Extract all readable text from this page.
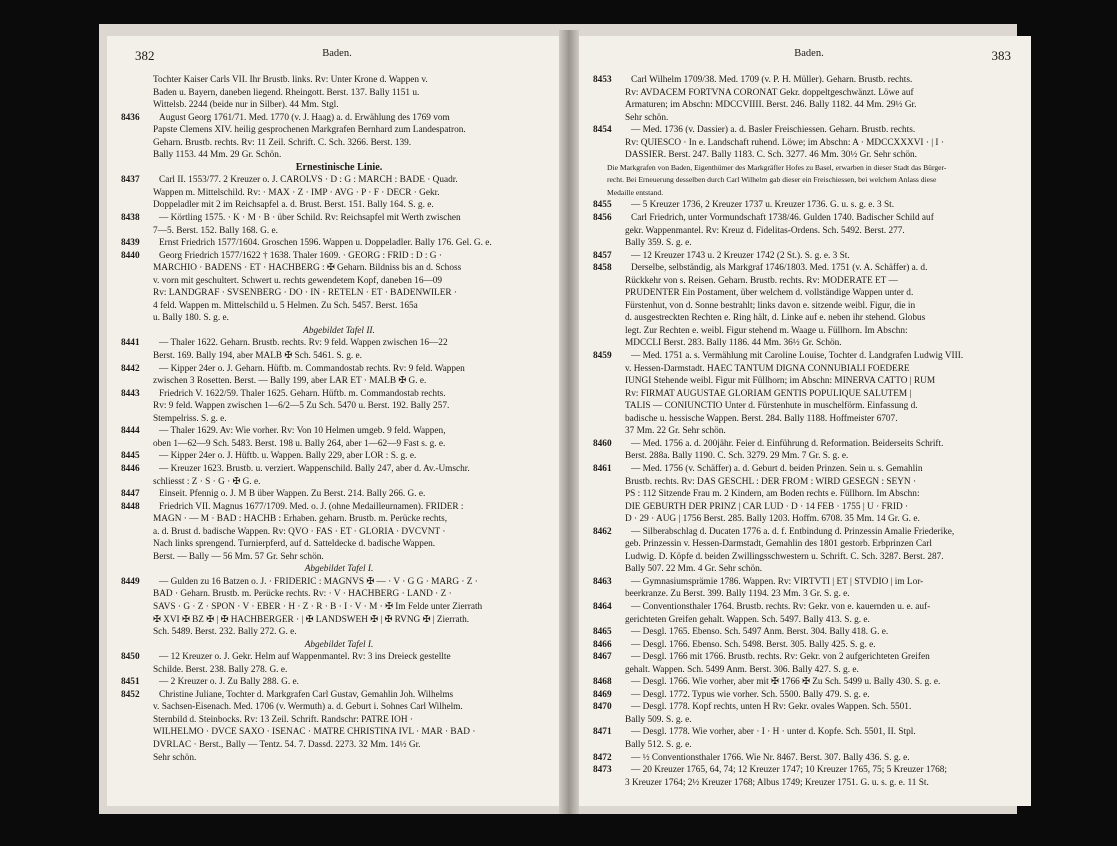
382	Baden.
Tochter Kaiser Carls VII. Ihr Brustb. links. Rv: Unter Krone d. Wappen v.
Baden u. Bayern, daneben liegend. Rheingott. Berst. 137. Bally 1151 u.
Wittelsb. 2244 (beide nur in Silber). 44 Mm. Stgl.
8436 August Georg 1761/71. Med. 1770 (v. J. Haag) a. d. Erwählung des 1769 vom
Papste Clemens XIV. heilig gesprochenen Markgrafen Bernhard zum Landespatron.
Geharn. Brustb. rechts. Rv: 11 Zeil. Schrift. C. Sch. 3266. Berst. 139.
Bally 1153. 44 Mm. 29 Gr. Schön.
Ernestinische Linie.
8437 Carl II. 1553/77. 2 Kreuzer o. J. CAROLVS · D : G : MARCH : BADE · Quadr.
Wappen m. Mittelschild. Rv: · MAX · Z · IMP · AVG · P · F · DECR · Gekr.
Doppeladler mit 2 im Reichsapfel a. d. Brust. Berst. 151. Bally 164. S. g. e.
8438 — Körtling 1575. · K · M · B · über Schild. Rv: Reichsapfel mit Werth zwischen
7—5. Berst. 152. Bally 168. G. e.
8439 Ernst Friedrich 1577/1604. Groschen 1596. Wappen u. Doppeladler. Bally 176. Gel. G. e.
8440 Georg Friedrich 1577/1622 † 1638. Thaler 1609. · GEORG : FRID : D : G ·
MARCHIO · BADENS · ET · HACHBERG : ✠ Geharn. Bildniss bis an d. Schoss
v. vorn mit geschultert. Schwert u. rechts gewendetem Kopf, daneben 16—09
Rv: LANDGRAF · SVSENBERG · DO · IN · RETELN · ET · BADENWILER ·
4 feld. Wappen m. Mittelschild u. 5 Helmen. Zu Sch. 5457. Berst. 165a
u. Bally 180. S. g. e.
Abgebildet Tafel II.
8441 — Thaler 1622. Geharn. Brustb. rechts. Rv: 9 feld. Wappen zwischen 16—22
Berst. 169. Bally 194, aber MALB ✠ Sch. 5461. S. g. e.
8442 — Kipper 24er o. J. Geharn. Hüftb. m. Commandostab rechts. Rv: 9 feld. Wappen
zwischen 3 Rosetten. Berst. — Bally 199, aber LAR ET · MALB ✠ G. e.
8443 Friedrich V. 1622/59. Thaler 1625. Geharn. Hüftb. m. Commandostab rechts.
Rv: 9 feld. Wappen zwischen 1—6/2—5 Zu Sch. 5470 u. Berst. 192. Bally 257.
Stempelriss. S. g. e.
8444 — Thaler 1629. Av: Wie vorher. Rv: Von 10 Helmen umgeb. 9 feld. Wappen,
oben 1—62—9 Sch. 5483. Berst. 198 u. Bally 264, aber 1—62—9 Fast s. g. e.
8445 — Kipper 24er o. J. Hüftb. u. Wappen. Bally 229, aber LOR : S. g. e.
8446 — Kreuzer 1623. Brustb. u. verziert. Wappenschild. Bally 247, aber d. Av.-Umschr.
schliesst : Z · S · G · ✠ G. e.
8447 Einseit. Pfennig o. J. M B über Wappen. Zu Berst. 214. Bally 266. G. e.
8448 Friedrich VII. Magnus 1677/1709. Med. o. J. (ohne Medailleurnamen). FRIDER :
MAGN · — M · BAD : HACHB : Erhaben. geharn. Brustb. m. Perücke rechts,
a. d. Brust d. badische Wappen. Rv: QVO · FAS · ET · GLORIA · DVCVNT ·
Nach links sprengend. Turnierpferd, auf d. Satteldecke d. badische Wappen.
Berst. — Bally — 56 Mm. 57 Gr. Sehr schön.
Abgebildet Tafel I.
8449 — Gulden zu 16 Batzen o. J. · FRIDERIC : MAGNVS ✠ — · V · G G · MARG · Z ·
BAD · Geharn. Brustb. m. Perücke rechts. Rv: · V · HACHBERG · LAND · Z ·
SAVS · G · Z · SPON · V · EBER · H · Z · R · B · I · V · M · ✠ Im Felde unter Zierrath
✠ XVI ✠ BZ ✠ | ✠ HACHBERGER · | ✠ LANDSWEH ✠ | ✠ RVNG ✠ | Zierrath.
Sch. 5489. Berst. 232. Bally 272. G. e.
Abgebildet Tafel I.
8450 — 12 Kreuzer o. J. Gekr. Helm auf Wappenmantel. Rv: 3 ins Dreieck gestellte
Schilde. Berst. 238. Bally 278. G. e.
8451 — 2 Kreuzer o. J. Zu Bally 288. G. e.
8452 Christine Juliane, Tochter d. Markgrafen Carl Gustav, Gemahlin Joh. Wilhelms
v. Sachsen-Eisenach. Med. 1706 (v. Wermuth) a. d. Geburt i. Sohnes Carl Wilhelm.
Sternbild d. Steinbocks. Rv: 13 Zeil. Schrift. Randschr: PATRE IOH ·
WILHELMO · DVCE SAXO · ISENAC · MATRE CHRISTINA IVL · MAR · BAD ·
DVRLAC · Berst., Bally — Tentz. 54. 7. Dassd. 2273. 32 Mm. 14½ Gr.
Sehr schön.
Baden.	383
8453 Carl Wilhelm 1709/38. Med. 1709 (v. P. H. Müller). Geharn. Brustb. rechts.
Rv: AVDACEM FORTVNA CORONAT Gekr. doppeltgeschwänzt. Löwe auf
Armaturen; im Abschn: MDCCVIIII. Berst. 246. Bally 1182. 44 Mm. 29½ Gr.
Sehr schön.
8454 — Med. 1736 (v. Dassier) a. d. Basler Freischiessen. Geharn. Brustb. rechts.
Rv: QUIESCO · In e. Landschaft ruhend. Löwe; im Abschn: A · MDCCXXXVI · | I ·
DASSIER. Berst. 247. Bally 1183. C. Sch. 3277. 46 Mm. 30½ Gr. Sehr schön.
Die Markgrafen von Baden, Eigenthümer des Markgräfler Hofes zu Basel, erwarben in dieser Stadt das Bürger-
recht. Bei Erneuerung desselben durch Carl Wilhelm gab dieser ein Freischiessen, bei welchem Anlass diese
Medaille entstand.
8455 — 5 Kreuzer 1736, 2 Kreuzer 1737 u. Kreuzer 1736. G. u. s. g. e. 3 St.
8456 Carl Friedrich, unter Vormundschaft 1738/46. Gulden 1740. Badischer Schild auf
gekr. Wappenmantel. Rv: Kreuz d. Fidelitas-Ordens. Sch. 5492. Berst. 277.
Bally 359. S. g. e.
8457 — 12 Kreuzer 1743 u. 2 Kreuzer 1742 (2 St.). S. g. e. 3 St.
8458 Derselbe, selbständig, als Markgraf 1746/1803. Med. 1751 (v. A. Schäffer) a. d.
Rückkehr von s. Reisen. Geharn. Brustb. rechts. Rv: MODERATE ET —
PRUDENTER Ein Postament, über welchem d. vollständige Wappen unter d.
Fürstenhut, von d. Sonne bestrahlt; links davon e. sitzende weibl. Figur, die in
d. ausgestreckten Rechten e. Ring hält, d. Linke auf e. neben ihr stehend. Globus
legt. Zur Rechten e. weibl. Figur stehend m. Waage u. Füllhorn. Im Abschn:
MDCCLI Berst. 283. Bally 1186. 44 Mm. 36½ Gr. Schön.
8459 — Med. 1751 a. s. Vermählung mit Caroline Louise, Tochter d. Landgrafen Ludwig VIII.
v. Hessen-Darmstadt. HAEC TANTUM DIGNA CONNUBIALI FOEDERE
IUNGI Stehende weibl. Figur mit Füllhorn; im Abschn: MINERVA CATTO | RUM
Rv: FIRMAT AUGUSTAE GLORIAM GENTIS POPULIQUE SALUTEM |
TALIS — CONIUNCTIO Unter d. Fürstenhute in muschelförm. Einfassung d.
badische u. hessische Wappen. Berst. 284. Bally 1188. Hoffmeister 6707.
37 Mm. 22 Gr. Sehr schön.
8460 — Med. 1756 a. d. 200jähr. Feier d. Einführung d. Reformation. Beiderseits Schrift.
Berst. 288a. Bally 1190. C. Sch. 3279. 29 Mm. 7 Gr. S. g. e.
8461 — Med. 1756 (v. Schäffer) a. d. Geburt d. beiden Prinzen. Sein u. s. Gemahlin
Brustb. rechts. Rv: DAS GESCHL : DER FROM : WIRD GESEGN : SEYN ·
PS : 112 Sitzende Frau m. 2 Kindern, am Boden rechts e. Füllhorn. Im Abschn:
DIE GEBURTH DER PRINZ | CAR LUD · D · 14 FEB · 1755 | U · FRID ·
D · 29 · AUG | 1756 Berst. 285. Bally 1203. Hoffm. 6708. 35 Mm. 14 Gr. G. e.
8462 — Silberabschlag d. Ducaten 1776 a. d. f. Entbindung d. Prinzessin Amalie Friederike,
geb. Prinzessin v. Hessen-Darmstadt, Gemahlin des 1801 gestorb. Erbprinzen Carl
Ludwig. D. Köpfe d. beiden Zwillingsschwestern u. Schrift. C. Sch. 3287. Berst. 287.
Bally 507. 22 Mm. 4 Gr. Sehr schön.
8463 — Gymnasiumsprämie 1786. Wappen. Rv: VIRTVTI | ET | STVDIO | im Lor-
beerkranze. Zu Berst. 399. Bally 1194. 23 Mm. 3 Gr. S. g. e.
8464 — Conventionsthaler 1764. Brustb. rechts. Rv: Gekr. von e. kauernden u. e. auf-
gerichteten Greifen gehalt. Wappen. Sch. 5497. Bally 413. S. g. e.
8465 — Desgl. 1765. Ebenso. Sch. 5497 Anm. Berst. 304. Bally 418. G. e.
8466 — Desgl. 1766. Ebenso. Sch. 5498. Berst. 305. Bally 425. S. g. e.
8467 — Desgl. 1766 mit 1766. Brustb. rechts. Rv: Gekr. von 2 aufgerichteten Greifen
gehalt. Wappen. Sch. 5499 Anm. Berst. 306. Bally 427. S. g. e.
8468 — Desgl. 1766. Wie vorher, aber mit ✠ 1766 ✠ Zu Sch. 5499 u. Bally 430. S. g. e.
8469 — Desgl. 1772. Typus wie vorher. Sch. 5500. Bally 479. S. g. e.
8470 — Desgl. 1778. Kopf rechts, unten H Rv: Gekr. ovales Wappen. Sch. 5501.
Bally 509. S. g. e.
8471 — Desgl. 1778. Wie vorher, aber · I · H · unter d. Kopfe. Sch. 5501, II. Stpl.
Bally 512. S. g. e.
8472 — ½ Conventionsthaler 1766. Wie Nr. 8467. Berst. 307. Bally 436. S. g. e.
8473 — 20 Kreuzer 1765, 64, 74; 12 Kreuzer 1747; 10 Kreuzer 1765, 75; 5 Kreuzer 1768;
3 Kreuzer 1764; 2½ Kreuzer 1768; Albus 1749; Kreuzer 1751. G. u. s. g. e. 11 St.
